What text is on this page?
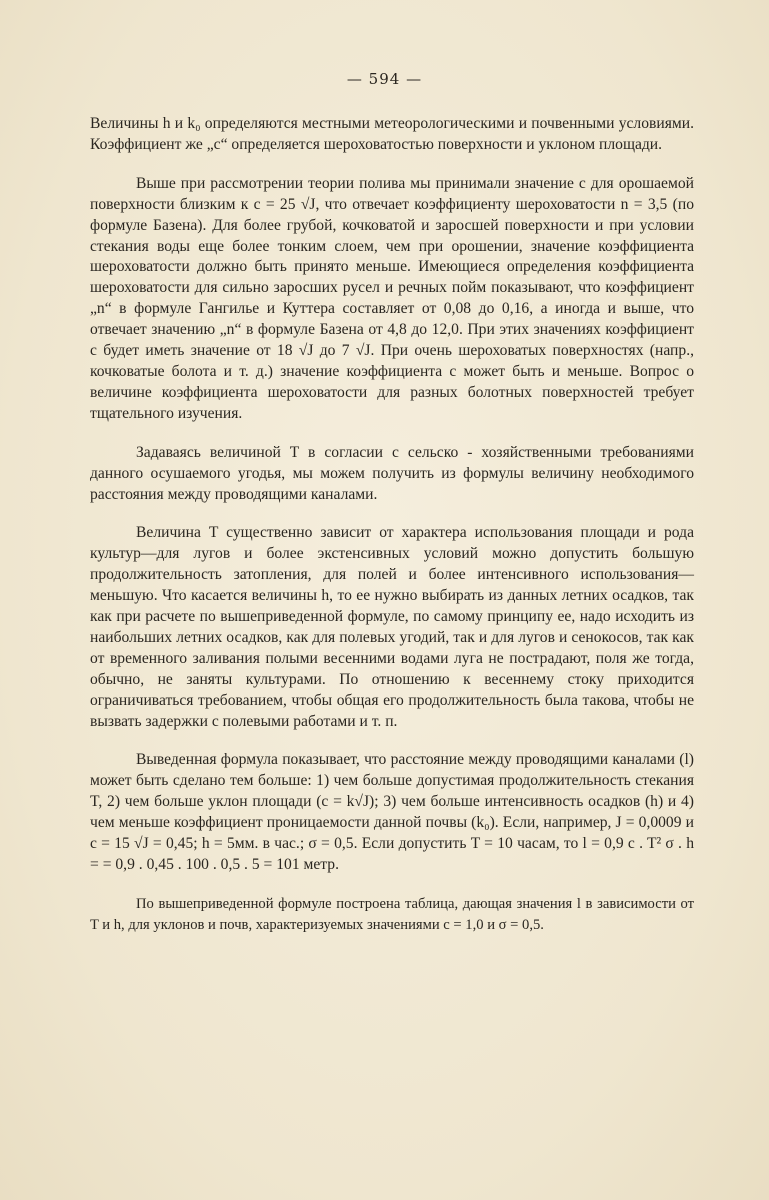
— 594 —

Величины h и k₀ определяются местными метеорологическими и почвенными условиями. Коэффициент же „c“ определяется шероховатостью поверхности и уклоном площади.

Выше при рассмотрении теории полива мы принимали значение c для орошаемой поверхности близким к c = 25 √J, что отвечает коэффициенту шероховатости n = 3,5 (по формуле Базена). Для более грубой, кочковатой и заросшей поверхности и при условии стекания воды еще более тонким слоем, чем при орошении, значение коэффициента шероховатости должно быть принято меньше. Имеющиеся определения коэффициента шероховатости для сильно заросших русел и речных пойм показывают, что коэффициент „n“ в формуле Гангилье и Куттера составляет от 0,08 до 0,16, а иногда и выше, что отвечает значению „n“ в формуле Базена от 4,8 до 12,0. При этих значениях коэффициент c будет иметь значение от 18 √J до 7 √J. При очень шероховатых поверхностях (напр., кочковатые болота и т. д.) значение коэффициента c может быть и меньше. Вопрос о величине коэффициента шероховатости для разных болотных поверхностей требует тщательного изучения.

Задаваясь величиной T в согласии с сельско - хозяйственными требованиями данного осушаемого угодья, мы можем получить из формулы величину необходимого расстояния между проводящими каналами.

Величина T существенно зависит от характера использования площади и рода культур—для лугов и более экстенсивных условий можно допустить большую продолжительность затопления, для полей и более интенсивного использования—меньшую. Что касается величины h, то ее нужно выбирать из данных летних осадков, так как при расчете по вышеприведенной формуле, по самому принципу ее, надо исходить из наибольших летних осадков, как для полевых угодий, так и для лугов и сенокосов, так как от временного заливания полыми весенними водами луга не пострадают, поля же тогда, обычно, не заняты культурами. По отношению к весеннему стоку приходится ограничиваться требованием, чтобы общая его продолжительность была такова, чтобы не вызвать задержки с полевыми работами и т. п.

Выведенная формула показывает, что расстояние между проводящими каналами (l) может быть сделано тем больше: 1) чем больше допустимая продолжительность стекания T, 2) чем больше уклон площади (c = k√J); 3) чем больше интенсивность осадков (h) и 4) чем меньше коэффициент проницаемости данной почвы (k₀). Если, например, J = 0,0009 и c = 15 √J = 0,45; h = 5мм. в час.; σ = 0,5. Если допустить T = 10 часам, то l = 0,9 c . T² σ . h = = 0,9 . 0,45 . 100 . 0,5 . 5 = 101 метр.

По вышеприведенной формуле построена таблица, дающая значения l в зависимости от T и h, для уклонов и почв, характеризуемых значениями c = 1,0 и σ = 0,5.
